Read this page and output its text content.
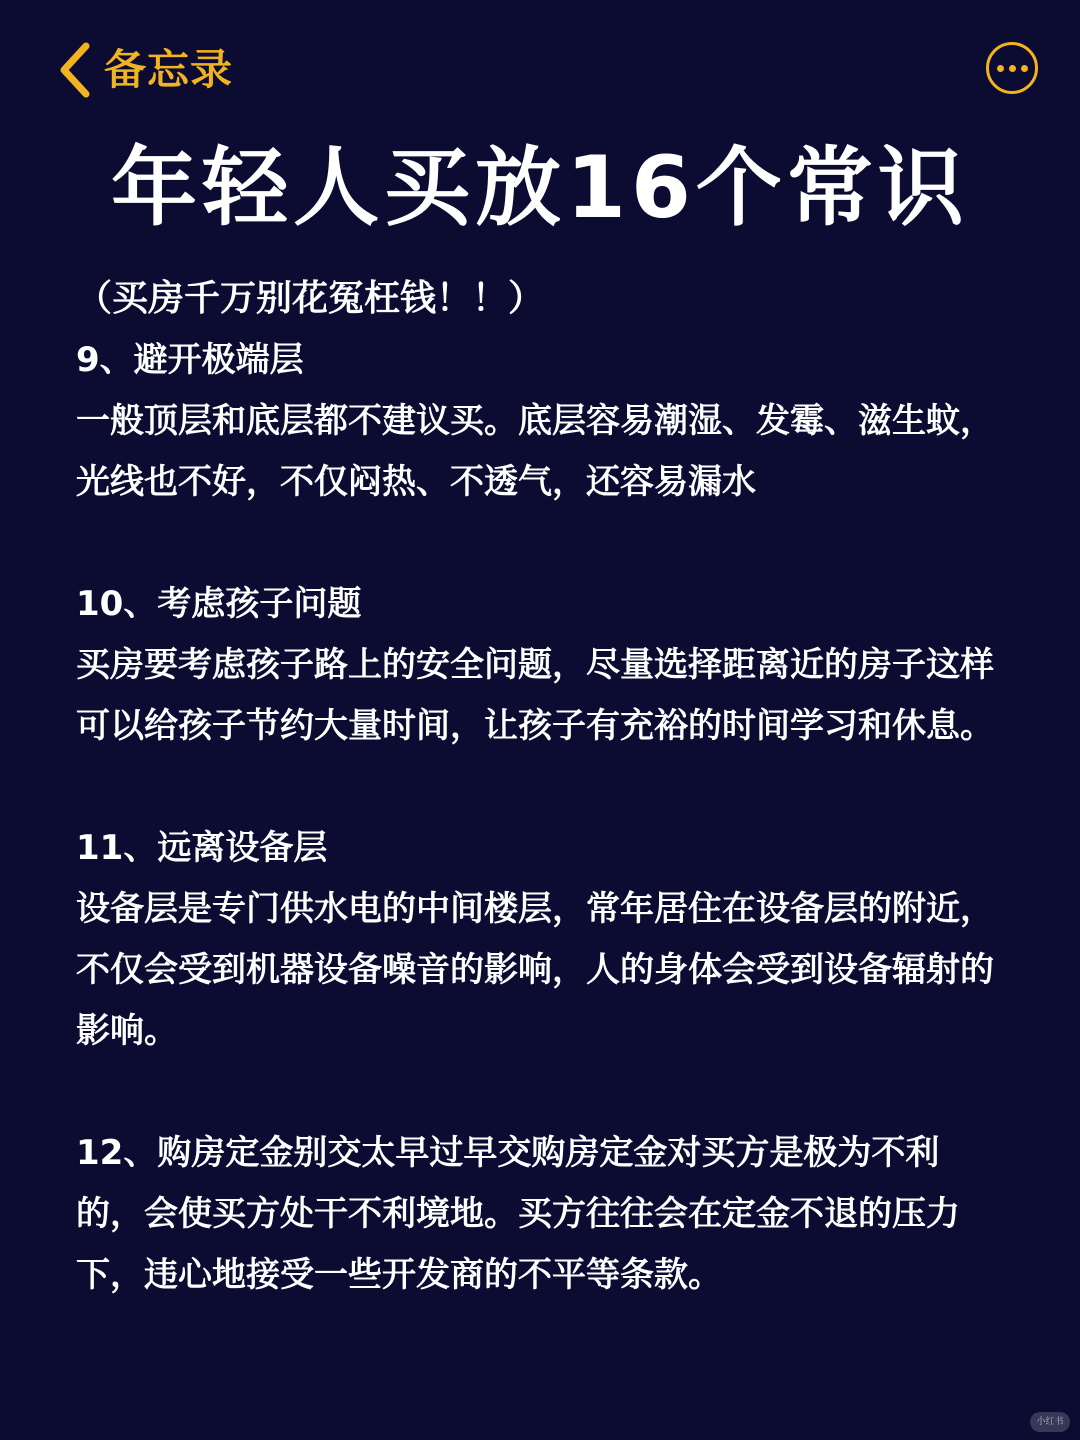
备忘录
年轻人买放16个常识
（买房千万别花冤枉钱！！）

9、避开极端层

一般顶层和底层都不建议买。底层容易潮湿、发霉、滋生蚊，光线也不好，不仅闷热、不透气，还容易漏水

10、考虑孩子问题

买房要考虑孩子路上的安全问题，尽量选择距离近的房子这样可以给孩子节约大量时间，让孩子有充裕的时间学习和休息。

11、远离设备层

设备层是专门供水电的中间楼层，常年居住在设备层的附近，不仅会受到机器设备噪音的影响，人的身体会受到设备辐射的影响。

12、购房定金别交太早过早交购房定金对买方是极为不利的，会使买方处干不利境地。买方往往会在定金不退的压力下，违心地接受一些开发商的不平等条款。

小红书
